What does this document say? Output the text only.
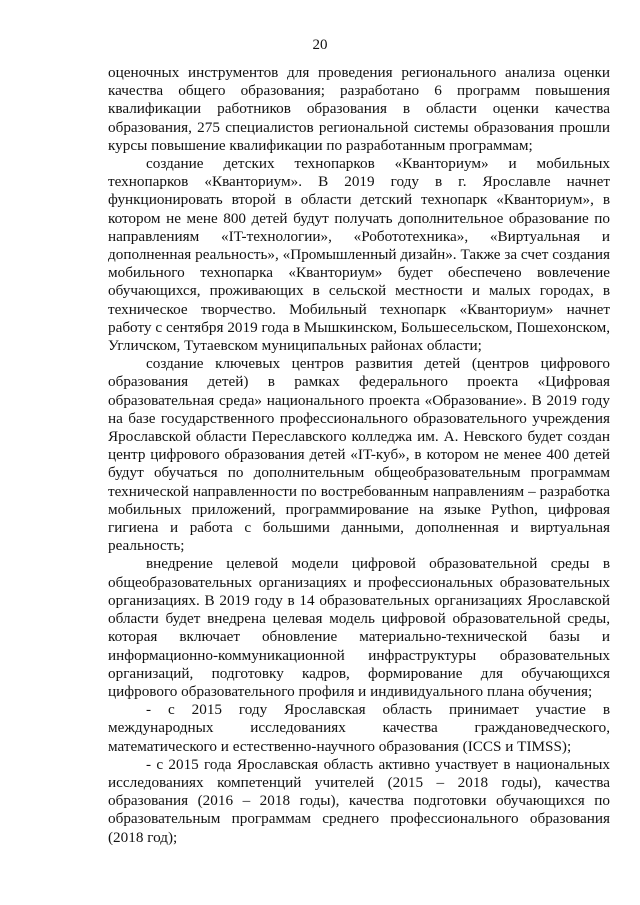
20

оценочных инструментов для проведения регионального анализа оценки качества общего образования; разработано 6 программ повышения квалификации работников образования в области оценки качества образования, 275 специалистов региональной системы образования прошли курсы повышение квалификации по разработанным программам;

создание детских технопарков «Кванториум» и мобильных технопарков «Кванториум». В 2019 году в г. Ярославле начнет функционировать второй в области детский технопарк «Кванториум», в котором не мене 800 детей будут получать дополнительное образование по направлениям «IT-технологии», «Робототехника», «Виртуальная и дополненная реальность», «Промышленный дизайн». Также за счет создания мобильного технопарка «Кванториум» будет обеспечено вовлечение обучающихся, проживающих в сельской местности и малых городах, в техническое творчество. Мобильный технопарк «Кванториум» начнет работу с сентября 2019 года в Мышкинском, Большесельском, Пошехонском, Угличском, Тутаевском муниципальных районах области;

создание ключевых центров развития детей (центров цифрового образования детей) в рамках федерального проекта «Цифровая образовательная среда» национального проекта «Образование». В 2019 году на базе государственного профессионального образовательного учреждения Ярославской области Переславского колледжа им. А. Невского будет создан центр цифрового образования детей «IT-куб», в котором не менее 400 детей будут обучаться по дополнительным общеобразовательным программам технической направленности по востребованным направлениям – разработка мобильных приложений, программирование на языке Python, цифровая гигиена и работа с большими данными, дополненная и виртуальная реальность;

внедрение целевой модели цифровой образовательной среды в общеобразовательных организациях и профессиональных образовательных организациях. В 2019 году в 14 образовательных организациях Ярославской области будет внедрена целевая модель цифровой образовательной среды, которая включает обновление материально-технической базы и информационно-коммуникационной инфраструктуры образовательных организаций, подготовку кадров, формирование для обучающихся цифрового образовательного профиля и индивидуального плана обучения;

- с 2015 году Ярославская область принимает участие в международных исследованиях качества граждановедческого, математического и естественно-научного образования (ICCS и TIMSS);

- с 2015 года Ярославская область активно участвует в национальных исследованиях компетенций учителей (2015 – 2018 годы), качества образования (2016 – 2018 годы), качества подготовки обучающихся по образовательным программам среднего профессионального образования (2018 год);
